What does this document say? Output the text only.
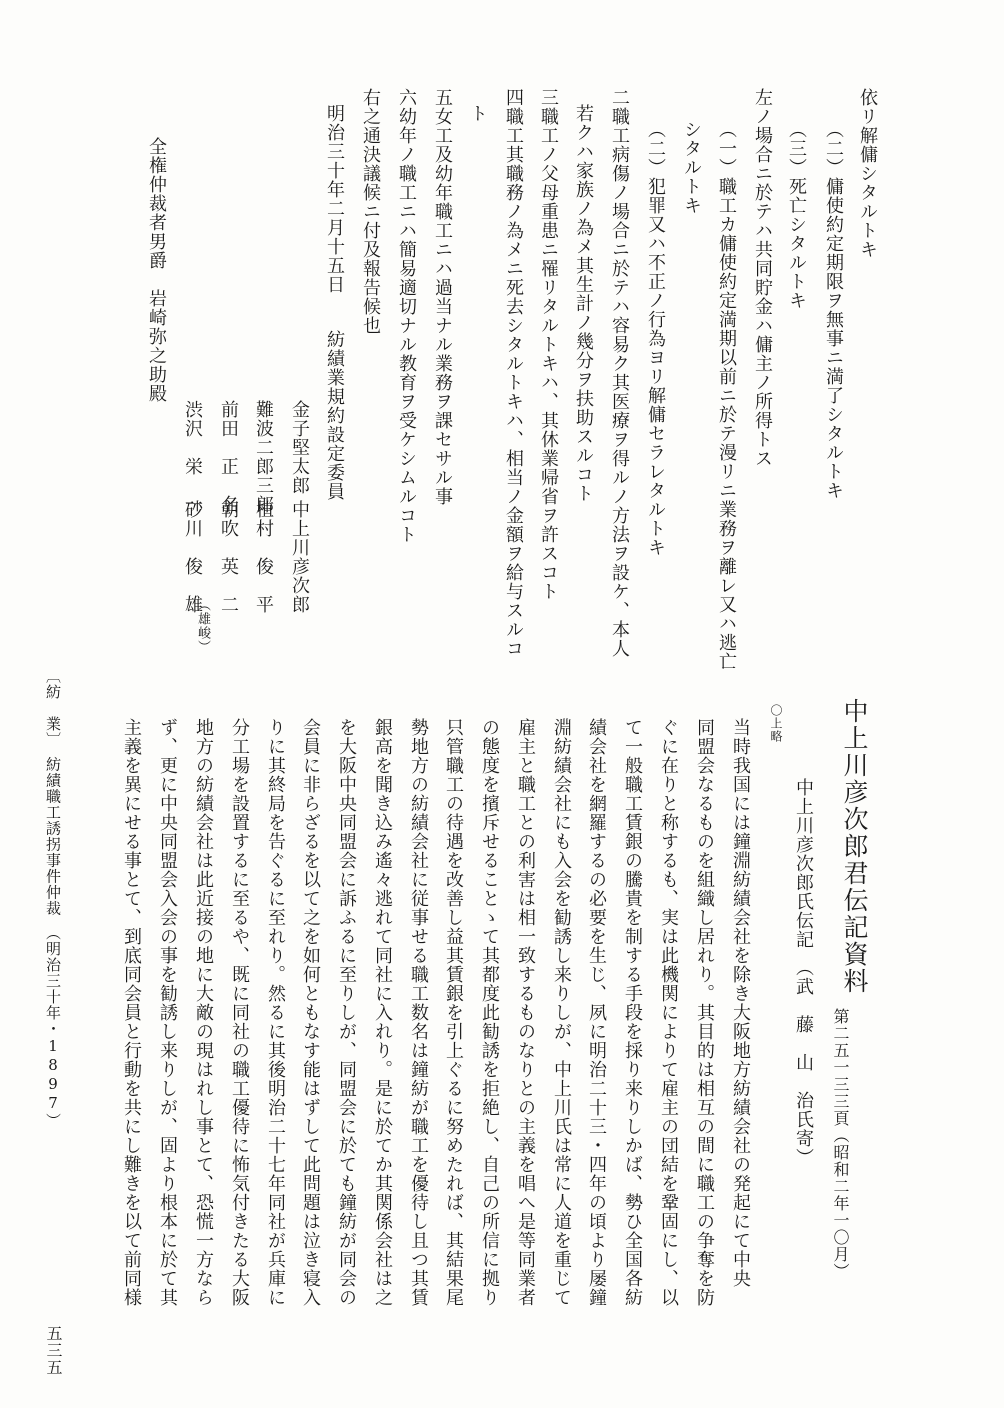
（雄峻）
中上川彦次郎君伝記資料
中上川彦次郎氏伝記
（武　藤　山　治氏寄） 第二五一三三頁（昭和二年一〇月）
〇上略
〔紡　業〕　紡績職工誘拐事件仲裁　（明治三十年・1897）
五三五
依リ解傭シタルトキ
（二）傭使約定期限ヲ無事ニ満了シタルトキ
（三）死亡シタルトキ
左ノ場合ニ於テハ共同貯金ハ傭主ノ所得トス
（一）職工カ傭使約定満期以前ニ於テ漫リニ業務ヲ離レ又ハ逃亡
シタルトキ
（二）犯罪又ハ不正ノ行為ヨリ解傭セラレタルトキ
二職工病傷ノ場合ニ於テハ容易ク其医療ヲ得ルノ方法ヲ設ケ、本人
若クハ家族ノ為メ其生計ノ幾分ヲ扶助スルコト
三職工ノ父母重患ニ罹リタルトキハ、其休業帰省ヲ許スコト
四職工其職務ノ為メニ死去シタルトキハ、相当ノ金額ヲ給与スルコ
ト
五女工及幼年職工ニハ過当ナル業務ヲ課セサル事
六幼年ノ職工ニハ簡易適切ナル教育ヲ受ケシムルコト
右之通決議候ニ付及報告候也
明治三十年二月十五日
紡績業規約設定委員
金子堅太郎
中上川彦次郎
難波二郎三郎
植村　俊　平
前田　正　名
朝吹　英　二
渋沢　栄　一
砂川　俊　雄
全権仲裁者男爵　岩崎弥之助殿
当時我国には鐘淵紡績会社を除き大阪地方紡績会社の発起にて中央
同盟会なるものを組織し居れり。其目的は相互の間に職工の争奪を防
ぐに在りと称するも、実は此機関によりて雇主の団結を鞏固にし、以
て一般職工賃銀の騰貴を制する手段を採り来りしかば、勢ひ全国各紡
績会社を網羅するの必要を生じ、夙に明治二十三・四年の頃より屡鐘
淵紡績会社にも入会を勧誘し来りしが、中上川氏は常に人道を重じて
雇主と職工との利害は相一致するものなりとの主義を唱へ是等同業者
の態度を擯斥せることゝて其都度此勧誘を拒絶し、自己の所信に拠り
只管職工の待遇を改善し益其賃銀を引上ぐるに努めたれば、其結果尾
勢地方の紡績会社に従事せる職工数名は鐘紡が職工を優待し且つ其賃
銀高を聞き込み遙々逃れて同社に入れり。是に於てか其関係会社は之
を大阪中央同盟会に訴ふるに至りしが、同盟会に於ても鐘紡が同会の
会員に非らざるを以て之を如何ともなす能はずして此問題は泣き寝入
りに其終局を告ぐるに至れり。然るに其後明治二十七年同社が兵庫に
分工場を設置するに至るや、既に同社の職工優待に怖気付きたる大阪
地方の紡績会社は此近接の地に大敵の現はれし事とて、恐慌一方なら
ず、更に中央同盟会入会の事を勧誘し来りしが、固より根本に於て其
主義を異にせる事とて、到底同会員と行動を共にし難きを以て前同様
